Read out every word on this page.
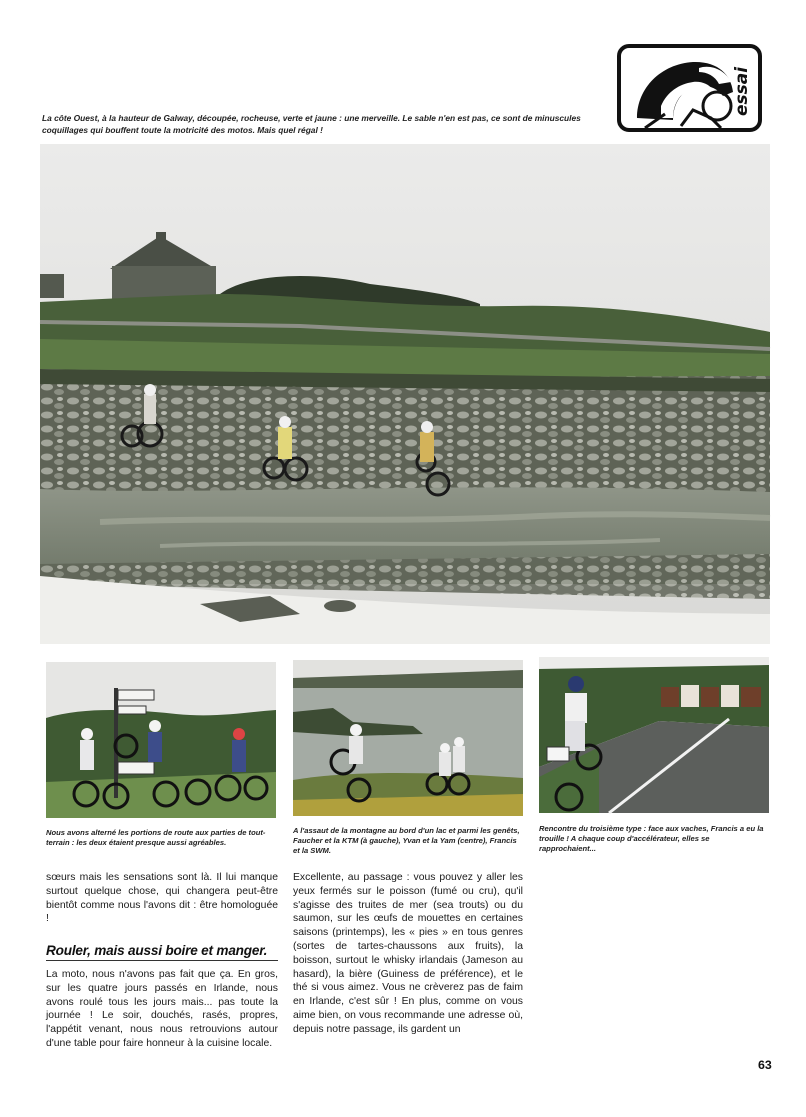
essai
La côte Ouest, à la hauteur de Galway, découpée, rocheuse, verte et jaune : une merveille. Le sable n'en est pas, ce sont de minuscules coquillages qui bouffent toute la motricité des motos. Mais quel régal !
Nous avons alterné les portions de route aux parties de tout-terrain : les deux étaient presque aussi agréables.
A l'assaut de la montagne au bord d'un lac et parmi les genêts, Faucher et la KTM (à gauche), Yvan et la Yam (centre), Francis et la SWM.
Rencontre du troisième type : face aux vaches, Francis a eu la trouille ! A chaque coup d'accélérateur, elles se rapprochaient...

sœurs mais les sensations sont là. Il lui manque surtout quelque chose, qui changera peut-être bientôt comme nous l'avons dit : être homologuée !

Rouler, mais aussi boire et manger.

La moto, nous n'avons pas fait que ça. En gros, sur les quatre jours passés en Irlande, nous avons roulé tous les jours mais... pas toute la journée ! Le soir, douchés, rasés, propres, l'appétit venant, nous nous retrouvions autour d'une table pour faire honneur à la cuisine locale.

Excellente, au passage : vous pouvez y aller les yeux fermés sur le poisson (fumé ou cru), qu'il s'agisse des truites de mer (sea trouts) ou du saumon, sur les œufs de mouettes en certaines saisons (printemps), les « pies » en tous genres (sortes de tartes-chaussons aux fruits), la boisson, surtout le whisky irlandais (Jameson au hasard), la bière (Guiness de préférence), et le thé si vous aimez. Vous ne crèverez pas de faim en Irlande, c'est sûr ! En plus, comme on vous aime bien, on vous recommande une adresse où, depuis notre passage, ils gardent un

63
